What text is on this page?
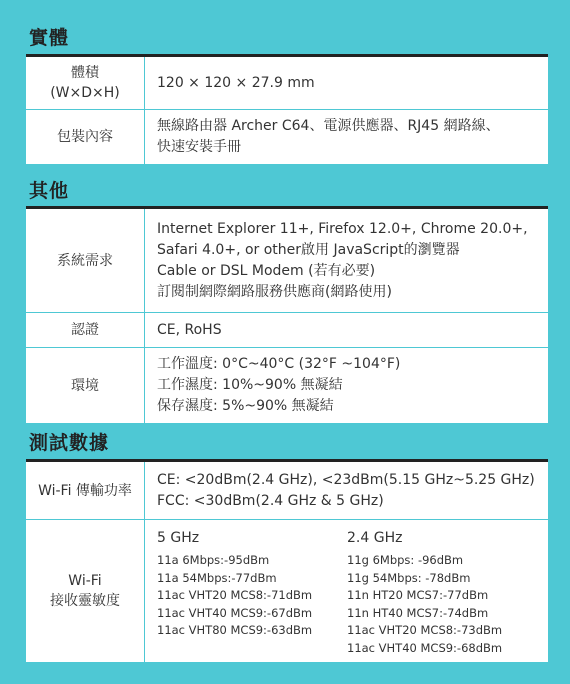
實體
體積
(W×D×H)
120 × 120 × 27.9 mm
包裝內容
無線路由器 Archer C64、電源供應器、RJ45 網路線、
快速安裝手冊
其他
系統需求
Internet Explorer 11+, Firefox 12.0+, Chrome 20.0+,
Safari 4.0+, or other啟用 JavaScript的瀏覽器
Cable or DSL Modem (若有必要)
訂閱制網際網路服務供應商(網路使用)
認證	CE, RoHS
環境
工作溫度: 0°C~40°C (32°F ~104°F)
工作濕度: 10%~90% 無凝結
保存濕度: 5%~90% 無凝結
測試數據
Wi-Fi 傳輸功率
CE: <20dBm(2.4 GHz), <23dBm(5.15 GHz~5.25 GHz)
FCC: <30dBm(2.4 GHz & 5 GHz)
Wi-Fi
接收靈敏度
5 GHz
11a 6Mbps:-95dBm
11a 54Mbps:-77dBm
11ac VHT20 MCS8:-71dBm
11ac VHT40 MCS9:-67dBm
11ac VHT80 MCS9:-63dBm
2.4 GHz
11g 6Mbps: -96dBm
11g 54Mbps: -78dBm
11n HT20 MCS7:-77dBm
11n HT40 MCS7:-74dBm
11ac VHT20 MCS8:-73dBm
11ac VHT40 MCS9:-68dBm
